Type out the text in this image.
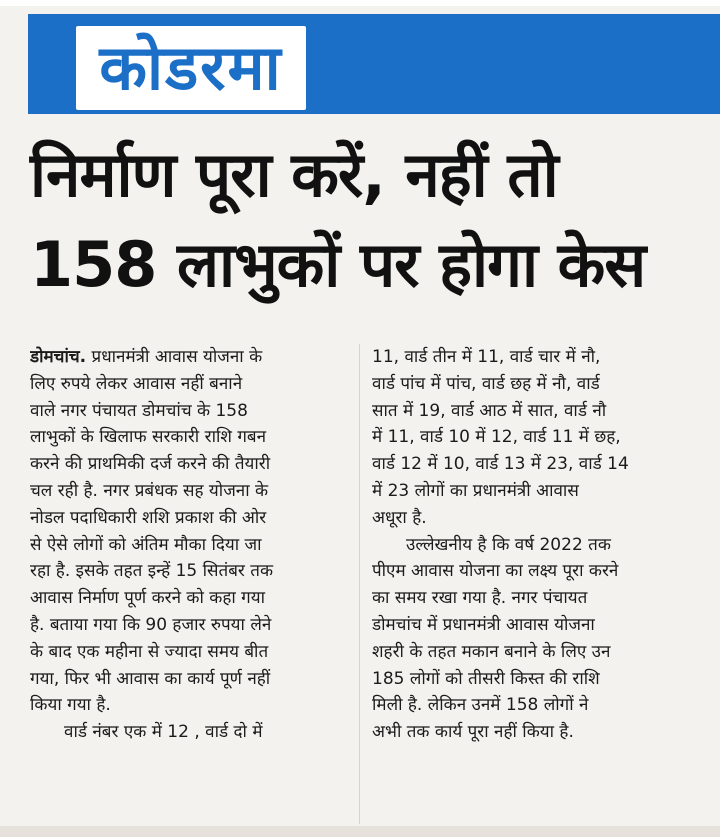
कोडरमा
निर्माण पूरा करें, नहीं तो
158 लाभुकों पर होगा केस
डोमचांच. प्रधानमंत्री आवास योजना के
लिए रुपये लेकर आवास नहीं बनाने
वाले नगर पंचायत डोमचांच के 158
लाभुकों के खिलाफ सरकारी राशि गबन
करने की प्राथमिकी दर्ज करने की तैयारी
चल रही है. नगर प्रबंधक सह योजना के
नोडल पदाधिकारी शशि प्रकाश की ओर
से ऐसे लोगों को अंतिम मौका दिया जा
रहा है. इसके तहत इन्हें 15 सितंबर तक
आवास निर्माण पूर्ण करने को कहा गया
है. बताया गया कि 90 हजार रुपया लेने
के बाद एक महीना से ज्यादा समय बीत
गया, फिर भी आवास का कार्य पूर्ण नहीं
किया गया है.
  वार्ड नंबर एक में 12 , वार्ड दो में
11, वार्ड तीन में 11, वार्ड चार में नौ,
वार्ड पांच में पांच, वार्ड छह में नौ, वार्ड
सात में 19, वार्ड आठ में सात, वार्ड नौ
में 11, वार्ड 10 में 12, वार्ड 11 में छह,
वार्ड 12 में 10, वार्ड 13 में 23, वार्ड 14
में 23 लोगों का प्रधानमंत्री आवास
अधूरा है.
  उल्लेखनीय है कि वर्ष 2022 तक
पीएम आवास योजना का लक्ष्य पूरा करने
का समय रखा गया है. नगर पंचायत
डोमचांच में प्रधानमंत्री आवास योजना
शहरी के तहत मकान बनाने के लिए उन
185 लोगों को तीसरी किस्त की राशि
मिली है. लेकिन उनमें 158 लोगों ने
अभी तक कार्य पूरा नहीं किया है.
